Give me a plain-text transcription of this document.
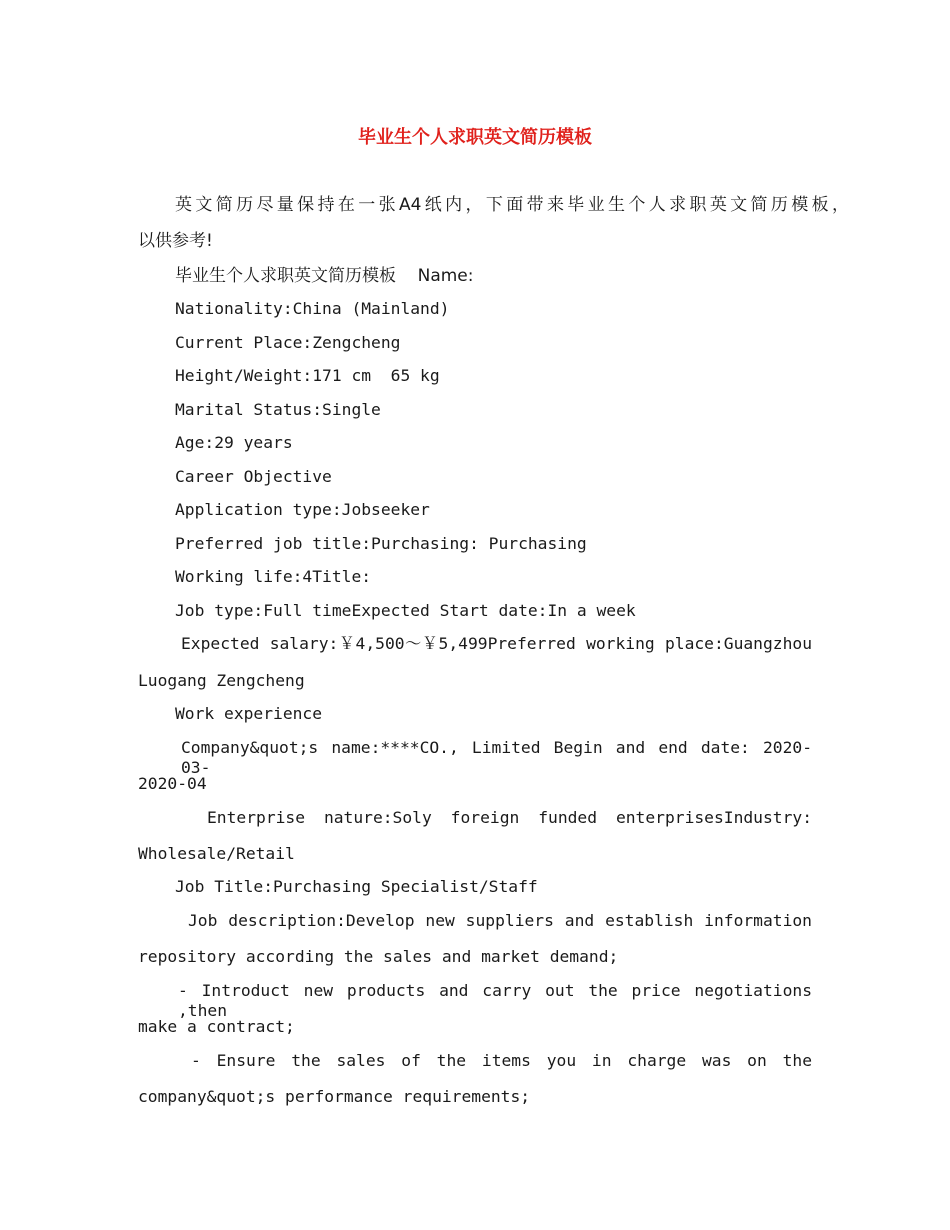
毕业生个人求职英文简历模板
英文简历尽量保持在一张A4纸内，下面带来毕业生个人求职英文简历模板，
以供参考!
毕业生个人求职英文简历模板    Name:
Nationality:China (Mainland)
Current Place:Zengcheng
Height/Weight:171 cm  65 kg
Marital Status:Single
Age:29 years
Career Objective
Application type:Jobseeker
Preferred job title:Purchasing: Purchasing
Working life:4Title:
Job type:Full timeExpected Start date:In a week
Expected salary:￥4,500～￥5,499Preferred working place:Guangzhou
Luogang Zengcheng
Work experience
Company&quot;s name:****CO., Limited Begin and end date: 2020-03-
2020-04
Enterprise nature:Soly foreign funded enterprisesIndustry:
Wholesale/Retail
Job Title:Purchasing Specialist/Staff
Job description:Develop new suppliers and establish information
repository according the sales and market demand;
- Introduct new products and carry out the price negotiations ,then
make a contract;
- Ensure the sales of the items you in charge was on the
company&quot;s performance requirements;
